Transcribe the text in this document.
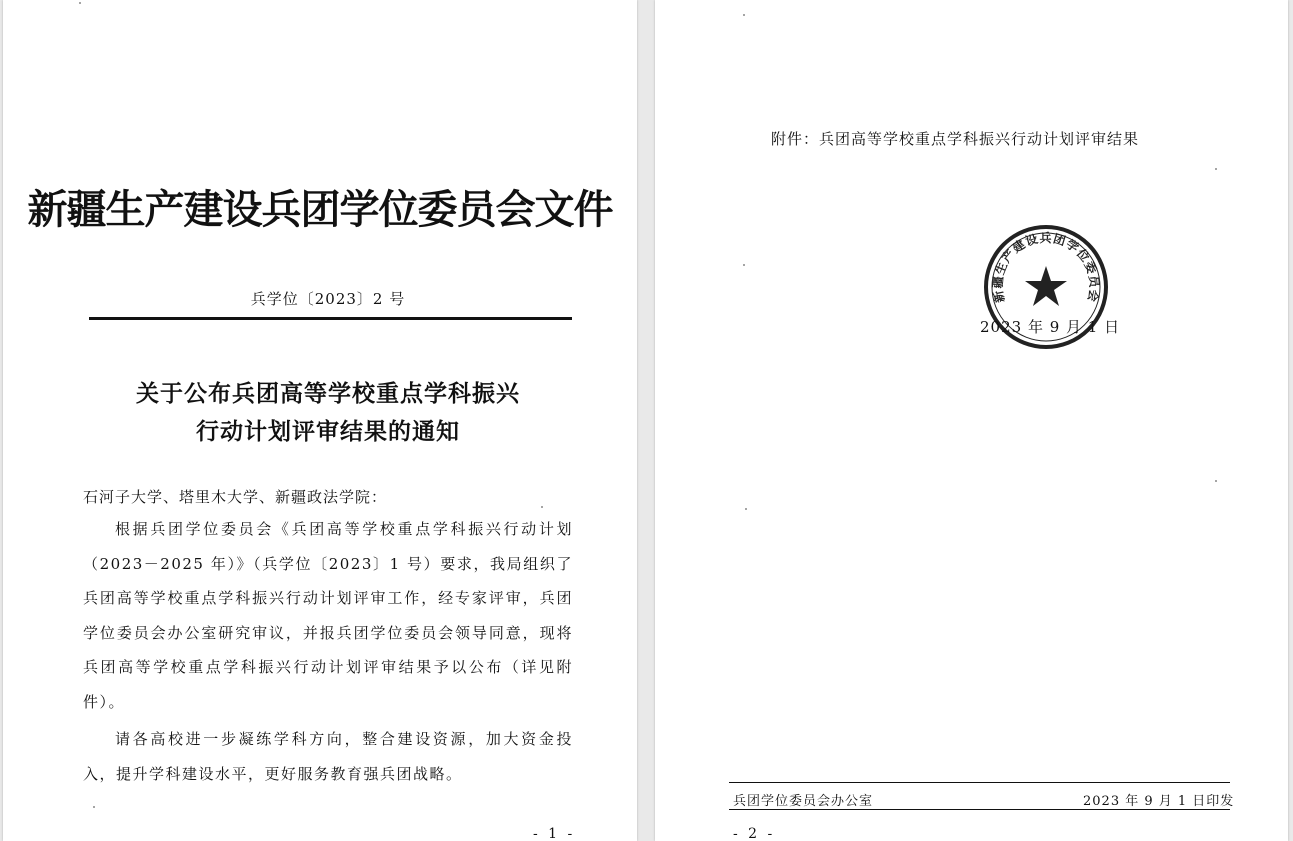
新疆生产建设兵团学位委员会文件
兵学位〔2023〕2 号
关于公布兵团高等学校重点学科振兴
行动计划评审结果的通知
石河子大学、塔里木大学、新疆政法学院：
根据兵团学位委员会《兵团高等学校重点学科振兴行动计划（2023－2025 年）》（兵学位〔2023〕1 号）要求，我局组织了兵团高等学校重点学科振兴行动计划评审工作，经专家评审，兵团学位委员会办公室研究审议，并报兵团学位委员会领导同意，现将兵团高等学校重点学科振兴行动计划评审结果予以公布（详见附件）。
请各高校进一步凝练学科方向，整合建设资源，加大资金投入，提升学科建设水平，更好服务教育强兵团战略。
- 1 -
附件：兵团高等学校重点学科振兴行动计划评审结果
新疆生产建设兵团学位委员会
2023 年 9 月 1 日
兵团学位委员会办公室	2023 年 9 月 1 日印发
- 2 -
